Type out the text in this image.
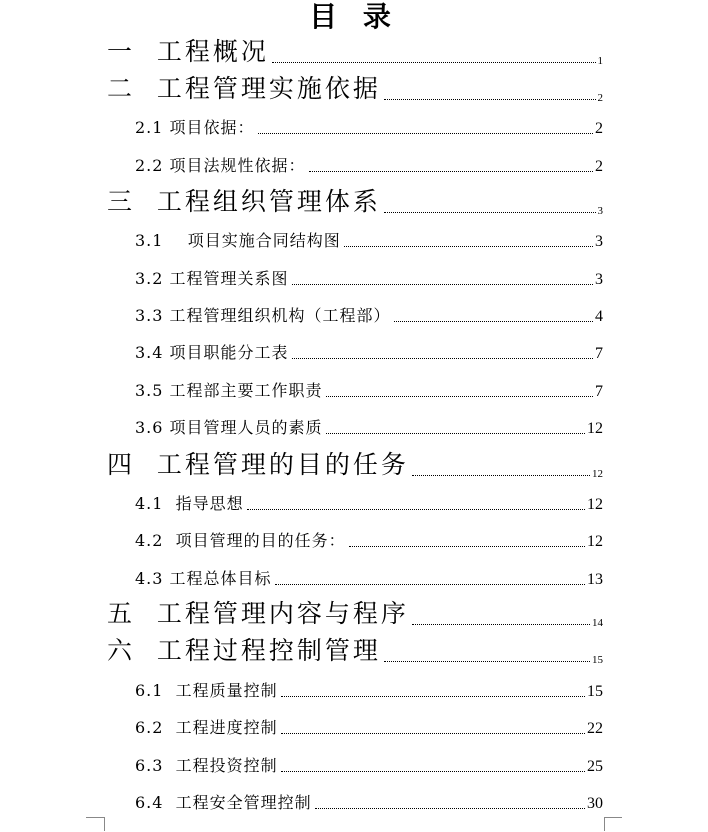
目 录
一  工程概况	1
二  工程管理实施依据	2
2.1 项目依据：	2
2.2 项目法规性依据：	2
三  工程组织管理体系	3
3.1    项目实施合同结构图	3
3.2 工程管理关系图	3
3.3 工程管理组织机构（工程部）	4
3.4 项目职能分工表	7
3.5 工程部主要工作职责	7
3.6 项目管理人员的素质	12
四  工程管理的目的任务	12
4.1  指导思想	12
4.2  项目管理的目的任务：	12
4.3 工程总体目标	13
五  工程管理内容与程序	14
六  工程过程控制管理	15
6.1  工程质量控制	15
6.2  工程进度控制	22
6.3  工程投资控制	25
6.4  工程安全管理控制	30
